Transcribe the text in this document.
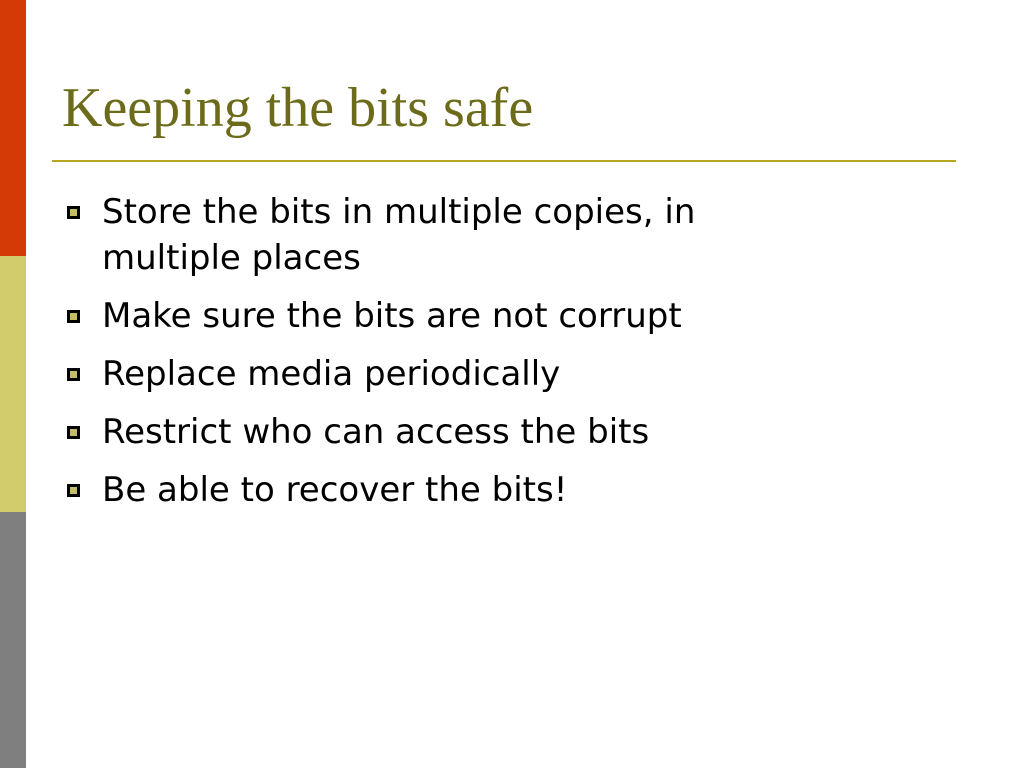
Keeping the bits safe
Store the bits in multiple copies, in multiple places
Make sure the bits are not corrupt
Replace media periodically
Restrict who can access the bits
Be able to recover the bits!
